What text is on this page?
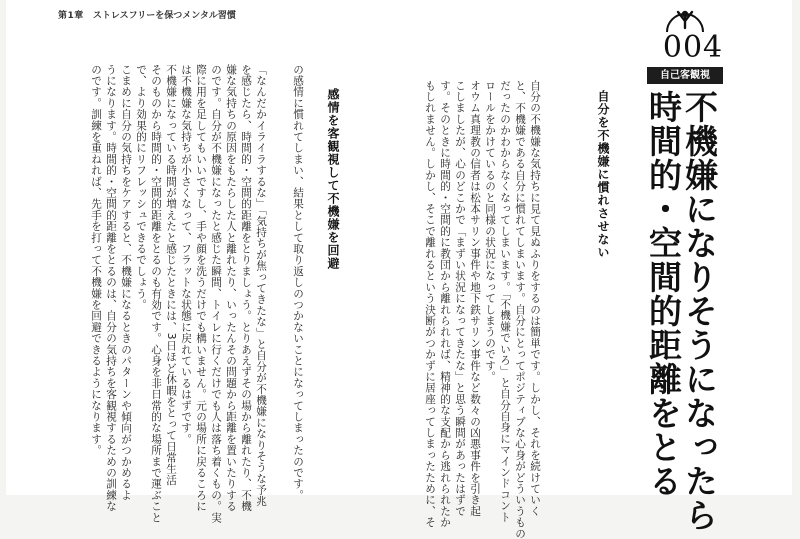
第1章 ストレスフリーを保つメンタル習慣
004
自己客観視
不機嫌になりそうになったら
時間的・空間的距離をとる
自分を不機嫌に慣れさせない
自分の不機嫌な気持ちに見て見ぬふりをするのは簡単です。しかし、それを続けていく
と、不機嫌である自分に慣れてしまいます。自分にとってポジティブな心身がどういうもの
だったのかわからなくなってしまいます。「不機嫌でいろ」と自分自身にマインドコント
ロールをかけているのと同様の状況になってしまうのです。
オウム真理教の信者は松本サリン事件や地下鉄サリン事件など数々の凶悪事件を引き起
こしましたが、心のどこかで「まずい状況になってきたな」と思う瞬間があったはずで
す。そのときに時間的・空間的に教団から離れられれば、精神的な支配から逃れられたか
もしれません。しかし、そこで離れるという決断がつかずに居座ってしまったために、そ
の感情に慣れてしまい、結果として取り返しのつかないことになってしまったのです。
「なんだかイライラするな」「気持ちが焦ってきたな」と自分が不機嫌になりそうな予兆
を感じたら、時間的・空間的距離をとりましょう。とりあえずその場から離れたり、不機
嫌な気持ちの原因をもたらした人と離れたり、いったんその問題から距離を置いたりする
のです。自分が不機嫌になったと感じた瞬間、トイレに行くだけでも人は落ち着くもの。実
際に用を足してもいいですし、手や顔を洗うだけでも構いません。元の場所に戻るころに
は不機嫌な気持ちが小さくなって、フラットな状態に戻れているはずです。
不機嫌になっている時間が増えたと感じたときには、3日ほど休暇をとって日常生活
そのものから時間的・空間的距離をとるのも有効です。心身を非日常的な場所まで運ぶこと
で、より効果的にリフレッシュできるでしょう。
こまめに自分の気持ちをケアすると、不機嫌になるときのパターンや傾向がつかめるよ
うになります。時間的・空間的距離をとるのは、自分の気持ちを客観視するための訓練な
のです。訓練を重ねれば、先手を打って不機嫌を回避できるようになります。	感情を客観視して不機嫌を回避
